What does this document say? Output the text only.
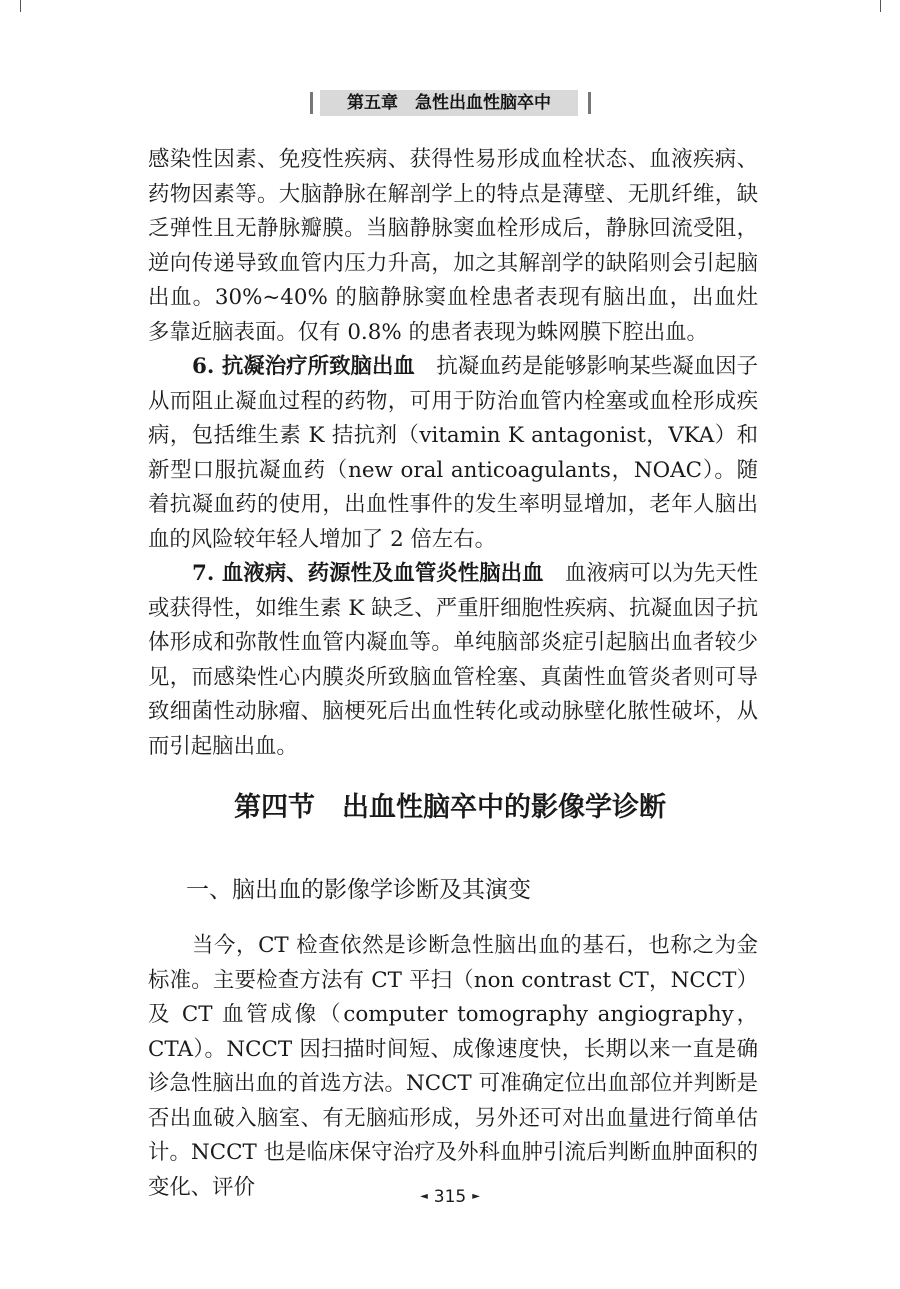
第五章　急性出血性脑卒中

感染性因素、免疫性疾病、获得性易形成血栓状态、血液疾病、药物因素等。大脑静脉在解剖学上的特点是薄壁、无肌纤维，缺乏弹性且无静脉瓣膜。当脑静脉窦血栓形成后，静脉回流受阻，逆向传递导致血管内压力升高，加之其解剖学的缺陷则会引起脑出血。30%~40% 的脑静脉窦血栓患者表现有脑出血，出血灶多靠近脑表面。仅有 0.8% 的患者表现为蛛网膜下腔出血。

6. 抗凝治疗所致脑出血　 抗凝血药是能够影响某些凝血因子从而阻止凝血过程的药物，可用于防治血管内栓塞或血栓形成疾病，包括维生素 K 拮抗剂（vitamin K antagonist，VKA）和新型口服抗凝血药（new oral anticoagulants，NOAC）。随着抗凝血药的使用，出血性事件的发生率明显增加，老年人脑出血的风险较年轻人增加了 2 倍左右。

7. 血液病、药源性及血管炎性脑出血　 血液病可以为先天性或获得性，如维生素 K 缺乏、严重肝细胞性疾病、抗凝血因子抗体形成和弥散性血管内凝血等。单纯脑部炎症引起脑出血者较少见，而感染性心内膜炎所致脑血管栓塞、真菌性血管炎者则可导致细菌性动脉瘤、脑梗死后出血性转化或动脉壁化脓性破坏，从而引起脑出血。

第四节　出血性脑卒中的影像学诊断
一、脑出血的影像学诊断及其演变

当今，CT 检查依然是诊断急性脑出血的基石，也称之为金标准。主要检查方法有 CT 平扫（non contrast CT，NCCT）及 CT 血管成像（computer tomography angiography，CTA）。NCCT 因扫描时间短、成像速度快，长期以来一直是确诊急性脑出血的首选方法。NCCT 可准确定位出血部位并判断是否出血破入脑室、有无脑疝形成，另外还可对出血量进行简单估计。NCCT 也是临床保守治疗及外科血肿引流后判断血肿面积的变化、评价	◄ 315 ►
